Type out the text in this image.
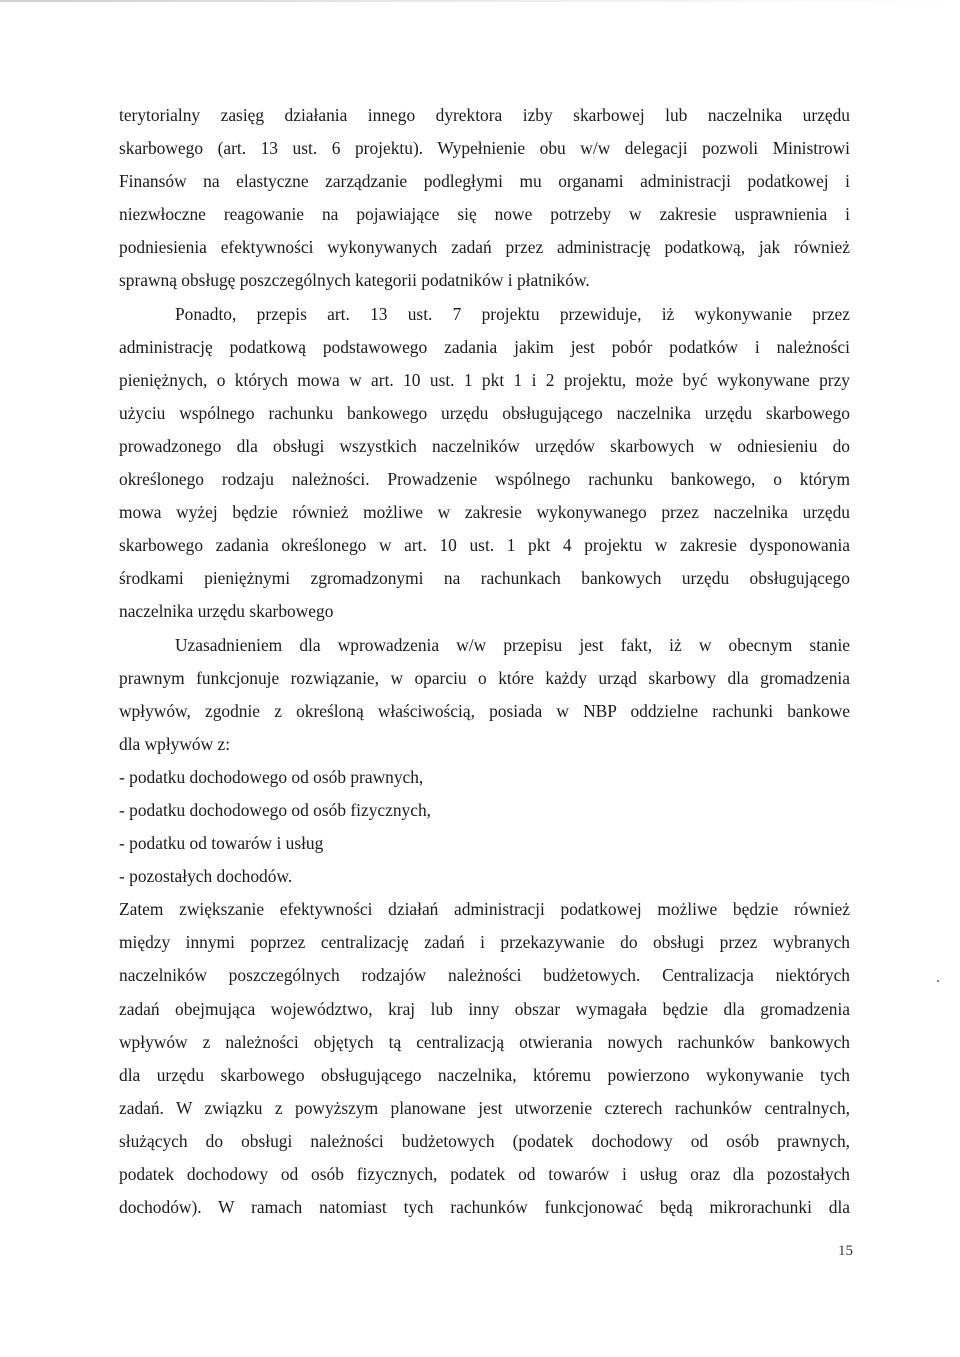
terytorialny zasięg działania innego dyrektora izby skarbowej lub naczelnika urzędu
skarbowego (art. 13 ust. 6 projektu). Wypełnienie obu w/w delegacji pozwoli Ministrowi
Finansów na elastyczne zarządzanie podległymi mu organami administracji podatkowej i
niezwłoczne reagowanie na pojawiające się nowe potrzeby w zakresie usprawnienia i
podniesienia efektywności wykonywanych zadań przez administrację podatkową, jak również
sprawną obsługę poszczególnych kategorii podatników i płatników.
Ponadto, przepis art. 13 ust. 7 projektu przewiduje, iż wykonywanie przez
administrację podatkową podstawowego zadania jakim jest pobór podatków i należności
pieniężnych, o których mowa w art. 10 ust. 1 pkt 1 i 2 projektu, może być wykonywane przy
użyciu wspólnego rachunku bankowego urzędu obsługującego naczelnika urzędu skarbowego
prowadzonego dla obsługi wszystkich naczelników urzędów skarbowych w odniesieniu do
określonego rodzaju należności. Prowadzenie wspólnego rachunku bankowego, o którym
mowa wyżej będzie również możliwe w zakresie wykonywanego przez naczelnika urzędu
skarbowego zadania określonego w art. 10 ust. 1 pkt 4 projektu w zakresie dysponowania
środkami pieniężnymi zgromadzonymi na rachunkach bankowych urzędu obsługującego
naczelnika urzędu skarbowego
Uzasadnieniem dla wprowadzenia w/w przepisu jest fakt, iż w obecnym stanie
prawnym funkcjonuje rozwiązanie, w oparciu o które każdy urząd skarbowy dla gromadzenia
wpływów, zgodnie z określoną właściwością, posiada w NBP oddzielne rachunki bankowe
dla wpływów z:
- podatku dochodowego od osób prawnych,
- podatku dochodowego od osób fizycznych,
- podatku od towarów i usług
- pozostałych dochodów.
Zatem zwiększanie efektywności działań administracji podatkowej możliwe będzie również
między innymi poprzez centralizację zadań i przekazywanie do obsługi przez wybranych
naczelników poszczególnych rodzajów należności budżetowych. Centralizacja niektórych
zadań obejmująca województwo, kraj lub inny obszar wymagała będzie dla gromadzenia
wpływów z należności objętych tą centralizacją otwierania nowych rachunków bankowych
dla urzędu skarbowego obsługującego naczelnika, któremu powierzono wykonywanie tych
zadań. W związku z powyższym planowane jest utworzenie czterech rachunków centralnych,
służących do obsługi należności budżetowych (podatek dochodowy od osób prawnych,
podatek dochodowy od osób fizycznych, podatek od towarów i usług oraz dla pozostałych
dochodów). W ramach natomiast tych rachunków funkcjonować będą mikrorachunki dla
15
